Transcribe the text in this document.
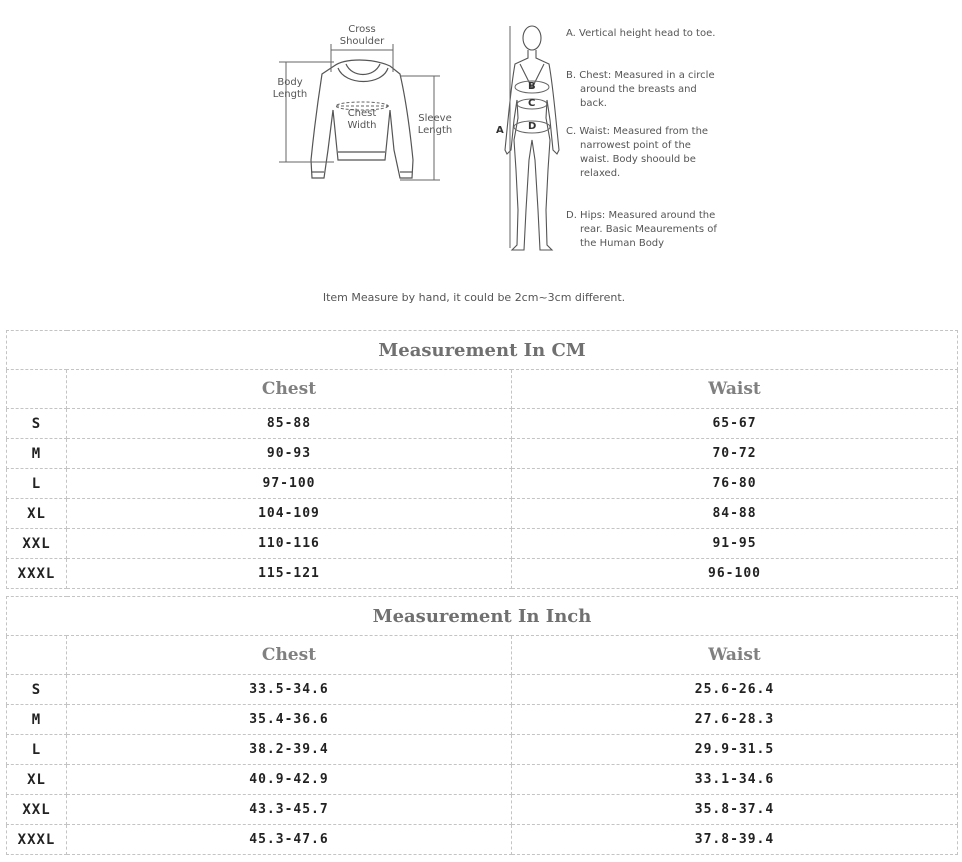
Cross
Shoulder
Body
Length
Chest
Width
Sleeve
Length	A
B
C
D
A. Vertical height head to toe.
B. Chest: Measured in a circle around the breasts and back.
C. Waist: Measured from the narrowest point of the waist. Body shoould be relaxed.
D. Hips: Measured around the rear. Basic Meaurements of the Human Body
Item Measure by hand, it could be 2cm~3cm different.
Measurement In CM		
	Chest	Waist
S	85-88	65-67
M	90-93	70-72
L	97-100	76-80
XL	104-109	84-88
XXL	110-116	91-95
XXXL	115-121	96-100
Measurement In Inch		
	Chest	Waist
S	33.5-34.6	25.6-26.4
M	35.4-36.6	27.6-28.3
L	38.2-39.4	29.9-31.5
XL	40.9-42.9	33.1-34.6
XXL	43.3-45.7	35.8-37.4
XXXL	45.3-47.6	37.8-39.4
